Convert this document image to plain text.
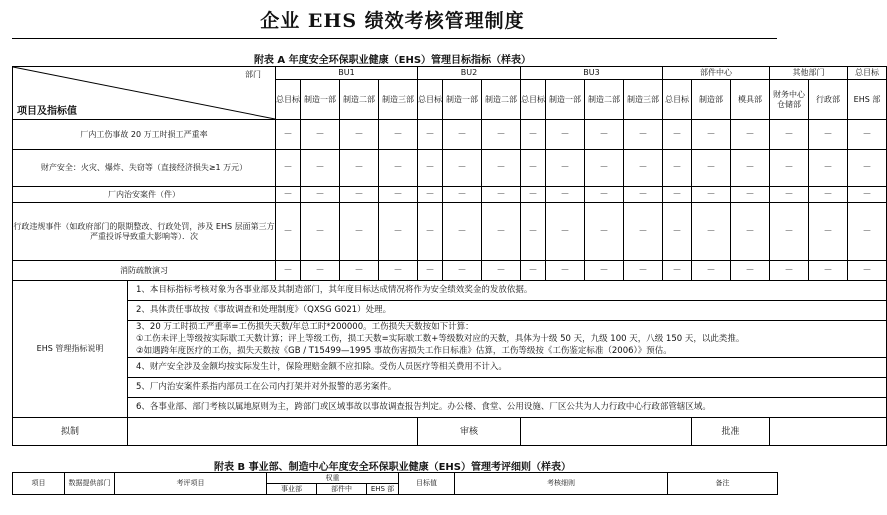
企业 EHS 绩效考核管理制度
附表 A 年度安全环保职业健康（EHS）管理目标指标（样表）
部门
项目及指标值		BU1				BU2			BU3				部件中心			其他部门		总目标
		总目标	制造一部	制造二部	制造三部	总目标	制造一部	制造二部	总目标	制造一部	制造二部	制造三部	总目标	制造部	模具部	财务中心仓储部	行政部	EHS 部
厂内工伤事故 20 万工时损工严重率		－	－	－	－	－	－	－	－	－	－	－	－	－	－	－	－	－
财产安全：火灾、爆炸、失窃等（直接经济损失≥1 万元）		－	－	－	－	－	－	－	－	－	－	－	－	－	－	－	－	－
厂内治安案件（件）		－	－	－	－	－	－	－	－	－	－	－	－	－	－	－	－	－
行政违规事件（如政府部门的限期整改、行政处罚，涉及 EHS 层面第三方严重投诉导致重大影响等）．次		－	－	－	－	－	－	－	－	－	－	－	－	－	－	－	－	－
消防疏散演习		－	－	－	－	－	－	－	－	－	－	－	－	－	－	－	－	－
EHS 管理指标说明	1、本目标指标考核对象为各事业部及其制造部门，其年度目标达成情况将作为安全绩效奖金的发放依据。																	
	2、具体责任事故按《事故调查和处理制度》（QXSG G021）处理。																	
	3、20 万工时损工严重率=工伤损失天数/年总工时*200000。工伤损失天数按如下计算：																	
	①工伤未评上等级按实际歇工天数计算；评上等级工伤，损工天数=实际歇工数+等级数对应的天数，具体为十级 50 天，九级 100 天，八级 150 天，以此类推。																	
	②如遇跨年度医疗的工伤，损失天数按《GB / T15499—1995 事故伤害损失工作日标准》估算，工伤等级按《工伤鉴定标准（2006）》预估。																	
	4、财产安全涉及金额均按实际发生计，保险理赔金额不应扣除。受伤人员医疗等相关费用不计入。																	
	5、厂内治安案件系指内部员工在公司内打架并对外报警的恶劣案件。																	
	6、各事业部、部门考核以属地原则为主，跨部门或区域事故以事故调查报告判定。办公楼、食堂、公用设施、厂区公共为人力行政中心行政部管辖区域。																	
拟制						审核								批准				
附表 B 事业部、制造中心年度安全环保职业健康（EHS）管理考评细则（样表）
项目	数据提供部门	考评项目	权重			目标值	考核细则	备注
			事业部	部件中	EHS 部			
